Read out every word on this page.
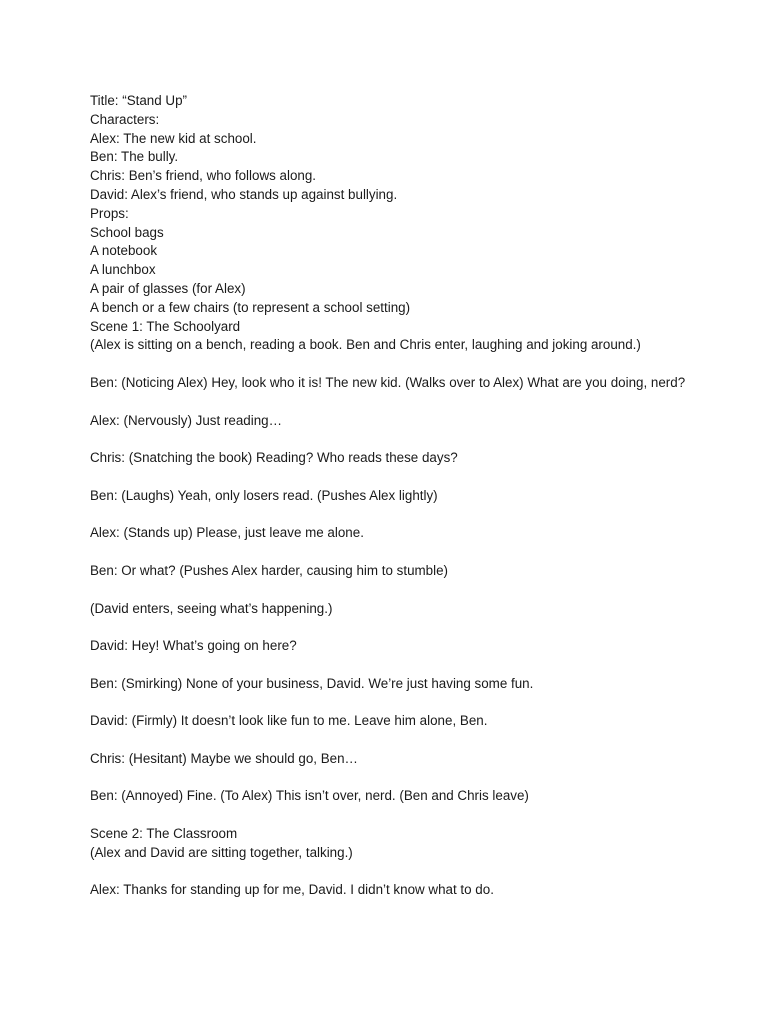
Title: “Stand Up”
Characters:
Alex: The new kid at school.
Ben: The bully.
Chris: Ben’s friend, who follows along.
David: Alex’s friend, who stands up against bullying.
Props:
School bags
A notebook
A lunchbox
A pair of glasses (for Alex)
A bench or a few chairs (to represent a school setting)
Scene 1: The Schoolyard
(Alex is sitting on a bench, reading a book. Ben and Chris enter, laughing and joking around.)
Ben: (Noticing Alex) Hey, look who it is! The new kid. (Walks over to Alex) What are you doing, nerd?
Alex: (Nervously) Just reading…
Chris: (Snatching the book) Reading? Who reads these days?
Ben: (Laughs) Yeah, only losers read. (Pushes Alex lightly)
Alex: (Stands up) Please, just leave me alone.
Ben: Or what? (Pushes Alex harder, causing him to stumble)
(David enters, seeing what’s happening.)
David: Hey! What’s going on here?
Ben: (Smirking) None of your business, David. We’re just having some fun.
David: (Firmly) It doesn’t look like fun to me. Leave him alone, Ben.
Chris: (Hesitant) Maybe we should go, Ben…
Ben: (Annoyed) Fine. (To Alex) This isn’t over, nerd. (Ben and Chris leave)
Scene 2: The Classroom
(Alex and David are sitting together, talking.)
Alex: Thanks for standing up for me, David. I didn’t know what to do.
